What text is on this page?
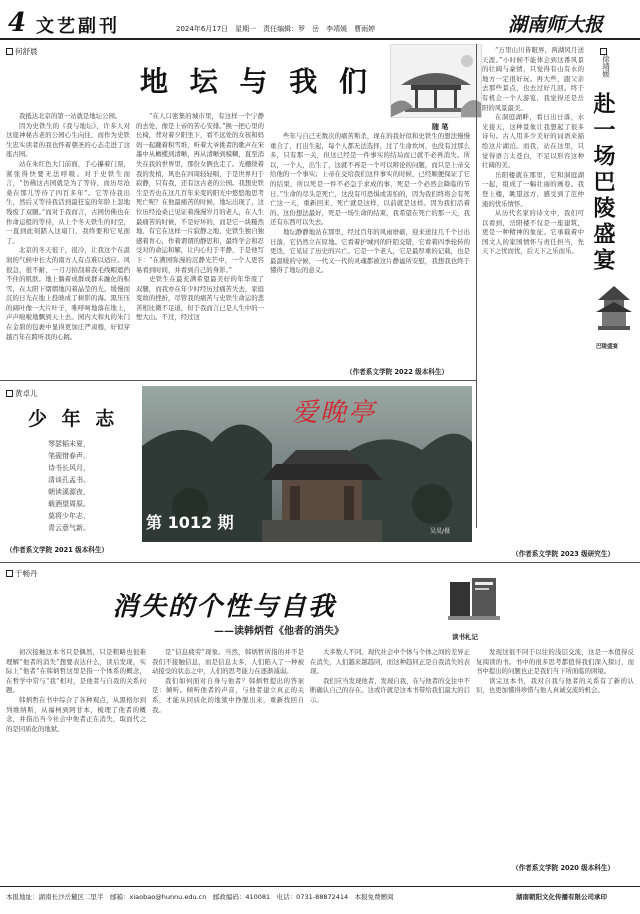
4 文艺副刊	2024年6月17日　星期一　责任编辑：罗　岳　李靖媛　曹雨婷	湖南师大报
何舒晨
地 坛 与 我 们
随 笔

我抵达北京的第一站就是地坛公园。

因为史铁生的《我与地坛》，许多人对这座神秘古老的公园心生向往，而作为史铁生忠实读者的我也怀着朝圣的心态走进了这座古园。

站在朱红色大门前面，手心攥着门票，紧张得快要无法呼吸。对于史铁生而言，“仿佛这古园就是为了等待，而历尽沧桑在那儿等待了四百多年”。它等待我出生，然后又等待我活到最狂妄的年龄上忽地残废了双腿。”而对于我而言，古园仿佛也在作命运般的等待，从上个冬天铁生的时空，一直到此刻踏入这扇门，我终要和它见面了。

北京的冬天很干，很冷，让我这个在温润的气候中长大的南方人有点难以适应。风很急，很不耐，一刀刀拍刮着我毛线帽遮挡不住的肌肤。地上躺着成群成群未融化的积雪，在太阳下熠熠地闪着晶莹的光。缓慢而沉的日光在地上投映成了树影的海。黑压压的阔叶像一大片叶子，唯呼呵地落在地上，声声啦啦地飘到天上去。园内大和丸的朱门在金碧的包裹中显得更加庄严肃穆，好似穿越百年在跨听我的心跳。

“在人口密集的城市里，有这样一个宁静的去处，像是上帝的苦心安排。”换一把心里的长椅，背对着夕阳坐下，看不远处的女孩和妈妈一起蹦着积雪堆，听着大爷挑者的歌声在宋墨中从橄榄到清晰，再从清晰到模糊，直至消失在我的世界里，那份女俩也走了。光栅绕着我的发梢，风也在四周轻轻唱，于是世界归于寂静，只有我，还有这古老的公园。我想史铁生是否也在这几百年来变的阳光中悠悠地思考死亡呢？在他最痛苦的时候，地坛出现了，这位历经沧桑已见证着漫漫岁月的老人，在人生最痛苦的时候，不是好坏的，而是它一块糙然地、有它在这样一片寂静之地，史铁生独自独感着育心，作着谓谓的静思和，最终学会和忍受对的命运和解，让内心归于平静，于是他写下：“在满园弥漫的沉静光芒中，一个人更容易看到时间，并看到自己的身影。”

史铁生在最充满希望最美好的年华废了双腿，而我亦在年少时经历过痛苦失去，家庭变故的挫折，尽管我的痛苦与史铁生命运的悲苦相比微不足道，但于我而言已是人生中的一堑大山。不过，经过这

些年与自己无数次的痛苦斯杀，现在的我好似和史铁生的想法慢慢重合了，打出生起，每个人都无法选择，过了生命坎坷，也没有过那么多，只有那一关，但这已经是一件事实的结局而已就不必再消失。所以，一个人，出生了，这就不再是一个可以辩论的问题，而只是上帝交给他的一个事实；上帝在交给我们这件事实的时候，已经顺便保证了它的结果，所以死是一件不必急于求成的事，死是一个必然会降临的节日。”生命的尽头是死亡，这没有可恐惧或害怕的，因为我们终将会有死亡这一天，重新回来，死亡就是这样，以前就是这样。因为我们活着的。这份想法最好，死是一场生命的结束，我希望在死亡的那一天，我还有东西可以失去。

地坛静静地站在那里，经过百年的风雨磨砺，迎来送往几千个日出日落，它仍然立在原地。它看着护城河的阡陌交错，它看着四季轮转的更迭，它见证了历史的兴亡。它是一个老人，它是最厚重的记载，也是最温暖的守候，一代又一代的灵魂都被这片静谧所安慰，我想我也终于懂得了地坛的意义。

（作者系文学院 2022 级本科生）
黄卓儿
少 年 志
琴瑟韬未夏，
笔砚惜春声。
诗书长风月，
清谈孔孟书。
朝读溪源夜，
载酒望周原。
莫将少年志，
青云意气新。
（作者系文学院 2021 级本科生）
爱晚亭
第 1012 期	吴昊/摄
徐靖媛
赴一场巴陵盛宴
巴陵盛宴

“万里山川皆眼界，两湖风月送天涯。”小时候不能体会到这番风景的壮阔与豪情，只觉得有山有水的地方一定很好玩。再大些，跟父亲去那些景点，也去过好几回。终于有机会一个人游览，我觉得还是岳阳的风景最美。

在洞庭湖畔，看日出日落，水光接天，这种景象让我想起了很多诗句。古人用多少美好的词语来描绘这片湖泊。而我，站在这里，只觉得语言太苍白，不足以形容这种壮阔的美。

岳阳楼就在那里，它和洞庭湖一起，组成了一幅壮丽的画卷。我登上楼，眺望远方，感受到了范仲淹的忧乐情怀。

从历代名家的诗文中，我们可以看到，岳阳楼不仅是一座建筑，更是一种精神的象征。它承载着中国文人的家国情怀与责任担当，先天下之忧而忧，后天下之乐而乐。

（作者系文学院 2023 级研究生）
于畅丹
消失的个性与自我
——读韩炳哲《他者的消失》	读书札记

初次接触这本书只是偶然，只是粗略也很难理解“他者的消失”想要表达什么，读后发现，实际上“他者”在韩炳哲这里是指一个体系的概念，在哲学中常与“我”相对，是他者与自我的关系问题。

韩炳哲在书中综合了各种观点，从黑格尔到列维纳斯，从福柯到阿甘本，梳理了他者的概念，并指出当今社会中他者正在消失，取而代之的是同质化的地狱。

是“信息疲劳”现象。当然，韩炳哲所指的并不是我们不接触信息，而是信息太多，人们陷入了一种被动接受的状态之中，人们的思考能力在逐渐减弱。

我们如何面对自身与他者？韩炳哲提出的答案是：倾听。倾听他者的声音，与他者建立真正的关系，才能从同质化的地狱中挣脱出来，重新找回自我。

大多数人不同。现代社会中个体与个体之间的差异正在消失，人们越来越趋同，而这种趋同正是自我消失的表现。

我们应当发现他者，发现自我，在与他者的交往中不断确认自己的存在。这或许就是这本书带给我们最大的启示。

发现这很不同于以往的浅层交流，这是一本值得反复阅读的书。书中的很多思考都值得我们深入探讨，而书中提出的问题也正是我们当下所面临的困境。

读完这本书，我对自我与他者的关系有了新的认识，也更加懂得珍惜与他人真诚交流的机会。

（作者系文学院 2020 级本科生）
本报地址：湖南长沙岳麓区二里半　邮箱：xiaobao@hunnu.edu.cn　邮政编码：410081　电话：0731-88872414　本报免费赠阅	湖南朝阳文化传播有限公司承印
